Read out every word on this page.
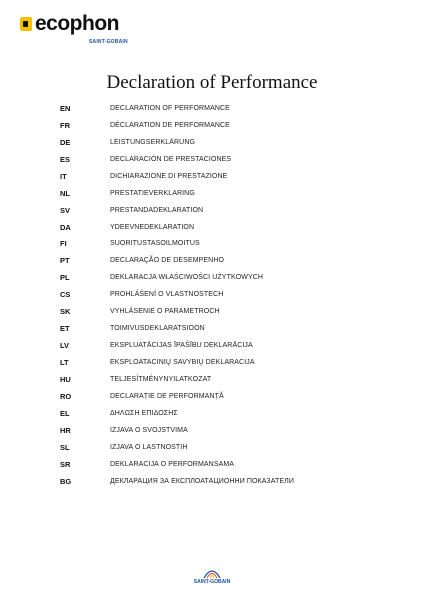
ecophon
SAINT-GOBAIN
Declaration of Performance
EN	DECLARATION OF PERFORMANCE
FR	DÉCLARATION DE PERFORMANCE
DE	LEISTUNGSERKLÄRUNG
ES	DECLARACIÓN DE PRESTACIONES
IT	DICHIARAZIONE DI PRESTAZIONE
NL	PRESTATIEVERKLARING
SV	PRESTANDADEKLARATION
DA	YDEEVNEDEKLARATION
FI	SUORITUSTASOILMOITUS
PT	DECLARAÇÃO DE DESEMPENHO
PL	DEKLARACJA WŁAŚCIWOŚCI UŻYTKOWYCH
CS	PROHLÁŠENÍ O VLASTNOSTECH
SK	VYHLÁSENIE O PARAMETROCH
ET	TOIMIVUSDEKLARATSIOON
LV	EKSPLUATĀCIJAS ĪPAŠĪBU DEKLARĀCIJA
LT	EKSPLOATACINIŲ SAVYBIŲ DEKLARACIJA
HU	TELJESÍTMÉNYNYILATKOZAT
RO	DECLARAȚIE DE PERFORMANȚĂ
EL	ΔΗΛΩΣΗ ΕΠΙΔΟΣΗΣ
HR	IZJAVA O SVOJSTVIMA
SL	IZJAVA O LASTNOSTIH
SR	DEKLARACIJA O PERFORMANSAMA
BG	ДЕКЛАРАЦИЯ ЗА ЕКСПЛОАТАЦИОННИ ПОКАЗАТЕЛИ
SAINT-GOBAIN
